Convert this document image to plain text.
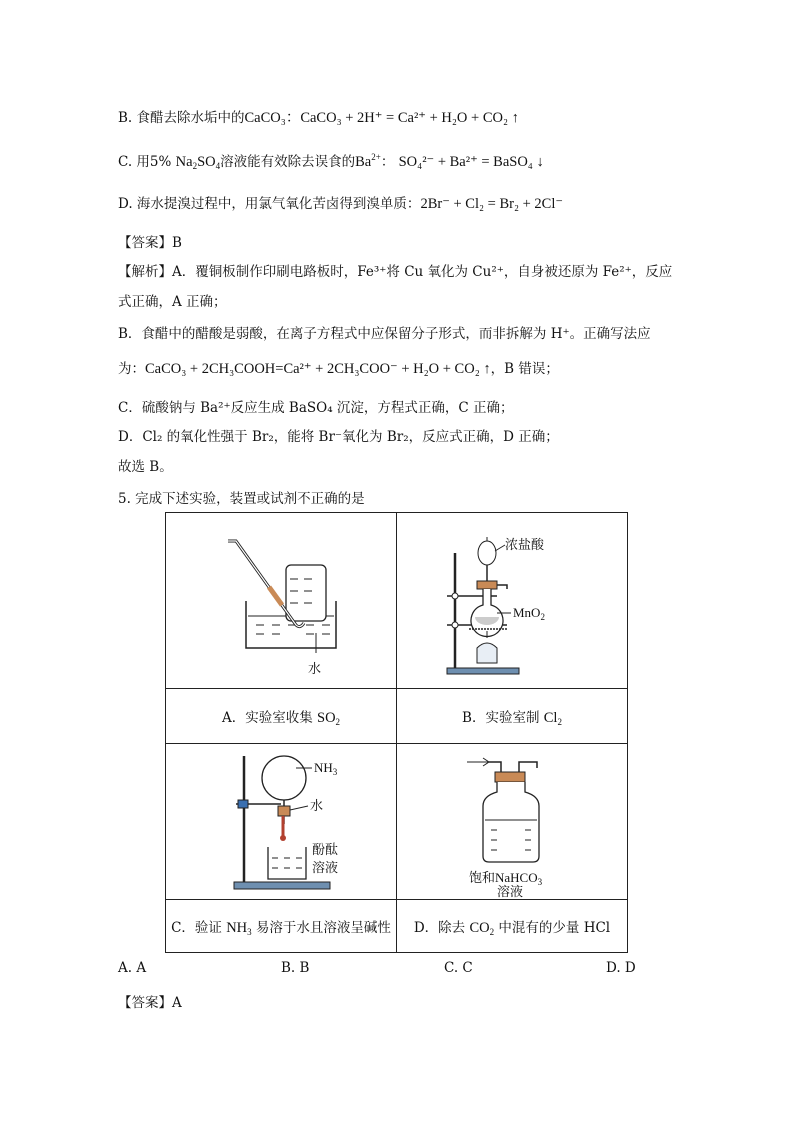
B. 食醋去除水垢中的CaCO₃：CaCO₃ + 2H⁺ = Ca²⁺ + H₂O + CO₂ ↑
C. 用5% $Na_2SO_4$溶液能有效除去误食的$Ba^{2+}$： SO₄²⁻ + Ba²⁺ = BaSO₄ ↓
D. 海水提溴过程中，用氯气氧化苦卤得到溴单质：2Br⁻ + Cl₂ = Br₂ + 2Cl⁻
【答案】B
【解析】A．覆铜板制作印刷电路板时，Fe³⁺将 Cu 氧化为 Cu²⁺，自身被还原为 Fe²⁺，反应
式正确，A 正确；
B．食醋中的醋酸是弱酸，在离子方程式中应保留分子形式，而非拆解为 H⁺。正确写法应
为：CaCO₃ + 2CH₃COOH=Ca²⁺ + 2CH₃COO⁻ + H₂O + CO₂ ↑，B 错误；
C．硫酸钠与 Ba²⁺反应生成 BaSO₄ 沉淀，方程式正确，C 正确；
D．Cl₂ 的氧化性强于 Br₂，能将 Br⁻氧化为 Br₂，反应式正确，D 正确；
故选 B。
5. 完成下述实验，装置或试剂不正确的是
水	浓盐酸
MnO$_2$

A．实验室收集 $SO_2$	B．实验室制 $Cl_2$

$NH_3$
水
酚酞
溶液	饱和NaHCO$_3$
溶液

C．验证 $NH_3$ 易溶于水且溶液呈碱性	D．除去 $CO_2$ 中混有的少量 HCl
A. A	B. B	C. C	D. D
【答案】A
